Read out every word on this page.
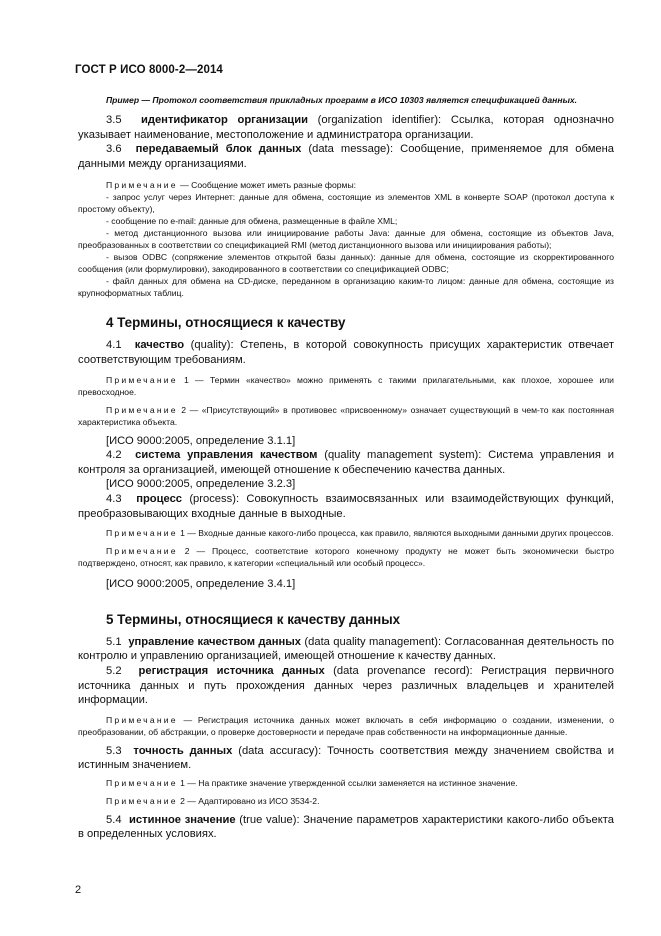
ГОСТ Р ИСО 8000-2—2014

Пример — Протокол соответствия прикладных программ в ИСО 10303 является спецификацией данных.

3.5 идентификатор организации (organization identifier): Ссылка, которая однозначно указывает наименование, местоположение и администратора организации.

3.6 передаваемый блок данных (data message): Сообщение, применяемое для обмена данными между организациями.

Примечание — Сообщение может иметь разные формы:

- запрос услуг через Интернет: данные для обмена, состоящие из элементов XML в конверте SOAP (протокол доступа к простому объекту),

- сообщение по e-mail: данные для обмена, размещенные в файле XML;

- метод дистанционного вызова или инициирование работы Java: данные для обмена, состоящие из объектов Java, преобразованных в соответствии со спецификацией RMI (метод дистанционного вызова или инициирования работы);

- вызов ODBC (сопряжение элементов открытой базы данных): данные для обмена, состоящие из скорректированного сообщения (или формулировки), закодированного в соответствии со спецификацией ODBC;

- файл данных для обмена на CD-диске, переданном в организацию каким-то лицом: данные для обмена, состоящие из крупноформатных таблиц.

4 Термины, относящиеся к качеству

4.1 качество (quality): Степень, в которой совокупность присущих характеристик отвечает соответствующим требованиям.

Примечание 1 — Термин «качество» можно применять с такими прилагательными, как плохое, хорошее или превосходное.

Примечание 2 — «Присутствующий» в противовес «присвоенному» означает существующий в чем-то как постоянная характеристика объекта.

[ИСО 9000:2005, определение 3.1.1]

4.2 система управления качеством (quality management system): Система управления и контроля за организацией, имеющей отношение к обеспечению качества данных.

[ИСО 9000:2005, определение 3.2.3]

4.3 процесс (process): Совокупность взаимосвязанных или взаимодействующих функций, преобразовывающих входные данные в выходные.

Примечание 1 — Входные данные какого-либо процесса, как правило, являются выходными данными других процессов.

Примечание 2 — Процесс, соответствие которого конечному продукту не может быть экономически быстро подтверждено, относят, как правило, к категории «специальный или особый процесс».

[ИСО 9000:2005, определение 3.4.1]

5 Термины, относящиеся к качеству данных

5.1 управление качеством данных (data quality management): Согласованная деятельность по контролю и управлению организацией, имеющей отношение к качеству данных.

5.2 регистрация источника данных (data provenance record): Регистрация первичного источника данных и путь прохождения данных через различных владельцев и хранителей информации.

Примечание — Регистрация источника данных может включать в себя информацию о создании, изменении, о преобразовании, об абстракции, о проверке достоверности и передаче прав собственности на информационные данные.

5.3 точность данных (data accuracy): Точность соответствия между значением свойства и истинным значением.

Примечание 1 — На практике значение утвержденной ссылки заменяется на истинное значение.

Примечание 2 — Адаптировано из ИСО 3534-2.

5.4 истинное значение (true value): Значение параметров характеристики какого-либо объекта в определенных условиях.

2
